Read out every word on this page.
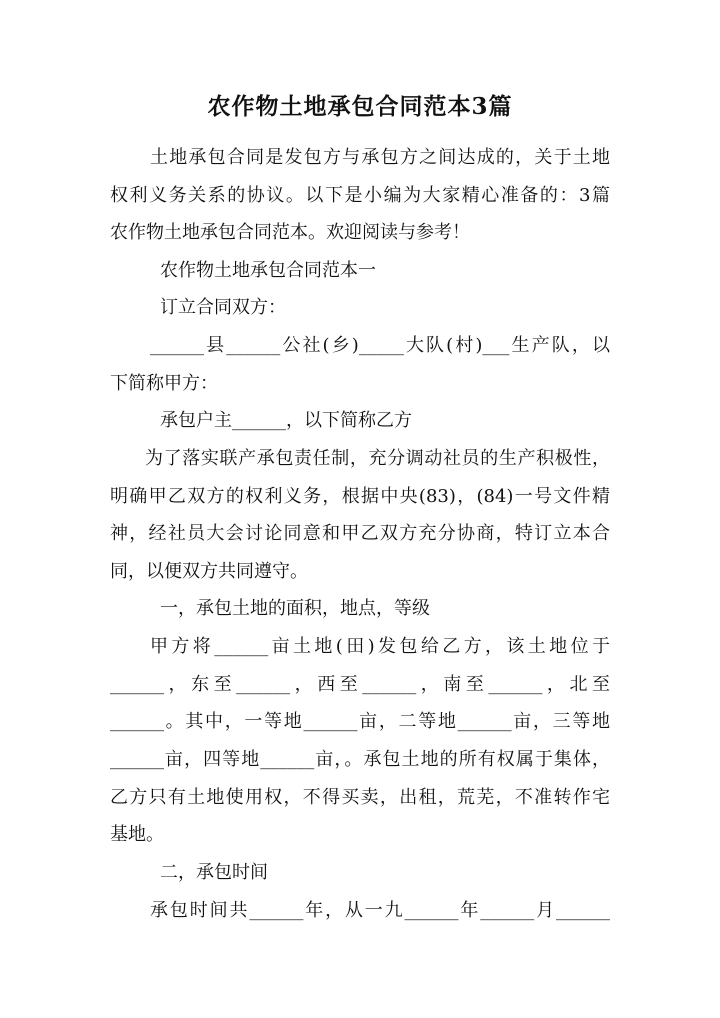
农作物土地承包合同范本3篇
土地承包合同是发包方与承包方之间达成的，关于土地
权利义务关系的协议。以下是小编为大家精心准备的：3篇
农作物土地承包合同范本。欢迎阅读与参考！
农作物土地承包合同范本一
订立合同双方：
______县______公社(乡)_____大队(村)___生产队，以
下简称甲方：
承包户主______，以下简称乙方
为了落实联产承包责任制，充分调动社员的生产积极性，
明确甲乙双方的权利义务，根据中央(83)，(84)一号文件精
神，经社员大会讨论同意和甲乙双方充分协商，特订立本合
同，以便双方共同遵守。
一，承包土地的面积，地点，等级
甲方将______亩土地(田)发包给乙方，该土地位于
______，东至______，西至______，南至______，北至
______。其中，一等地______亩，二等地______亩，三等地
______亩，四等地______亩，。承包土地的所有权属于集体，
乙方只有土地使用权，不得买卖，出租，荒芜，不准转作宅
基地。
二，承包时间
承包时间共______年，从一九______年______月______
